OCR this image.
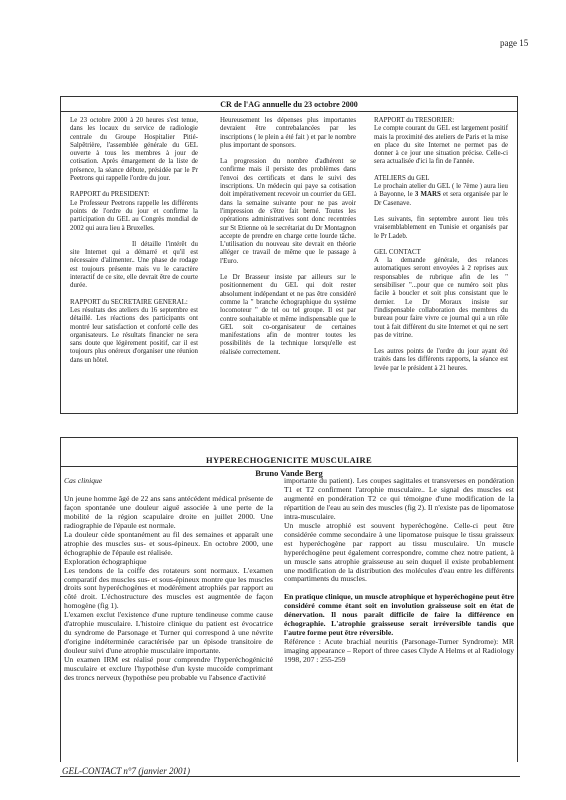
page 15
CR de l'AG annuelle du 23 octobre 2000

Le 23 octobre 2000 à 20 heures s'est tenue, dans les locaux du service de radiologie centrale du Groupe Hospitalier Pitié-Salpêtrière, l'assemblée générale du GEL ouverte à tous les membres à jour de cotisation. Après émargement de la liste de présence, la séance débute, présidée par le Pr Peetrons qui rappelle l'ordre du jour.

RAPPORT du PRESIDENT:

Le Professeur Peetrons rappelle les différents points de l'ordre du jour et confirme la participation du GEL au Congrès mondial de 2002 qui aura lieu à Bruxelles.

Il détaille l'intérêt du site Internet qui a démarré et qu'il est nécessaire d'alimenter.. Une phase de rodage est toujours présente mais vu le caractère interactif de ce site, elle devrait être de courte durée.

RAPPORT du SECRETAIRE GENERAL:

Les résultats des ateliers du 16 septembre est détaillé. Les réactions des participants ont montré leur satisfaction et conforté celle des organisateurs. Le résultats financier ne sera sans doute que légèrement positif, car il est toujours plus onéreux d'organiser une réunion dans un hôtel.

Heureusement les dépenses plus importantes devraient être contrebalancées par les inscriptions ( le plein a été fait ) et par le nombre plus important de sponsors.

La progression du nombre d'adhérent se confirme mais il persiste des problèmes dans l'envoi des certificats et dans le suivi des inscriptions. Un médecin qui paye sa cotisation doit impérativement recevoir un courrier du GEL dans la semaine suivante pour ne pas avoir l'impression de s'être fait berné. Toutes les opérations administratives sont donc recentrées sur St Etienne où le secrétariat du Dr Montagnon accepte de prendre en charge cette lourde tâche. L'utilisation du nouveau site devrait en théorie alléger ce travail de même que le passage à l'Euro.

Le Dr Brasseur insiste par ailleurs sur le positionnement du GEL qui doit rester absolument indépendant et ne pas être considéré comme la " branche échographique du système locomoteur " de tel ou tel groupe. Il est par contre souhaitable et même indispensable que le GEL soit co-organisateur de certaines manifestations afin de montrer toutes les possibilités de la technique lorsqu'elle est réalisée correctement.

RAPPORT du TRESORIER:

Le compte courant du GEL est largement positif mais la proximité des ateliers de Paris et la mise en place du site Internet ne permet pas de donner à ce jour une situation précise. Celle-ci sera actualisée d'ici la fin de l'année.

ATELIERS du GEL

Le prochain atelier du GEL ( le 7ème ) aura lieu à Bayonne, le 3 MARS et sera organisée par le Dr Casenave.

Les suivants, fin septembre auront lieu très vraisemblablement en Tunisie et organisés par le Pr Ladeb.

GEL CONTACT

A la demande générale, des relances automatiques seront envoyées à 2 reprises aux responsables de rubrique afin de les " sensibiliser "...pour que ce numéro soit plus facile à boucler et soit plus consistant que le dernier. Le Dr Moraux insiste sur l'indispensable collaboration des membres du bureau pour faire vivre ce journal qui a un rôle tout à fait différent du site Internet et qui ne sert pas de vitrine.

Les autres points de l'ordre du jour ayant été traités dans les différents rapports, la séance est levée par le président à 21 heures.

HYPERECHOGENICITE MUSCULAIRE
Bruno Vande Berg

Cas clinique

Un jeune homme âgé de 22 ans sans antécédent médical présente de façon spontanée une douleur aiguë associée à une perte de la mobilité de la région scapulaire droite en juillet 2000. Une radiographie de l'épaule est normale.

La douleur cède spontanément au fil des semaines et apparaît une atrophie des muscles sus- et sous-épineux. En octobre 2000, une échographie de l'épaule est réalisée.

Exploration échographique

Les tendons de la coiffe des rotateurs sont normaux. L'examen comparatif des muscles sus- et sous-épineux montre que les muscles droits sont hyperéchogènes et modérément atrophiés par rapport au côté droit. L'échostructure des muscles est augmentée de façon homogène (fig 1).

L'examen exclut l'existence d'une rupture tendineuse comme cause d'atrophie musculaire. L'histoire clinique du patient est évocatrice du syndrome de Parsonage et Turner qui correspond à une névrite d'origine indéterminée caractérisée par un épisode transitoire de douleur suivi d'une atrophie musculaire importante.

Un examen IRM est réalisé pour comprendre l'hyperéchogénicité musculaire et exclure l'hypothèse d'un kyste mucoïde comprimant des troncs nerveux (hypothèse peu probable vu l'absence d'activité

importante du patient). Les coupes sagittales et transverses en pondération T1 et T2 confirment l'atrophie musculaire.. Le signal des muscles est augmenté en pondération T2 ce qui témoigne d'une modification de la répartition de l'eau au sein des muscles (fig 2). Il n'existe pas de lipomatose intra-musculaire.

Un muscle atrophié est souvent hyperéchogène. Celle-ci peut être considérée comme secondaire à une lipomatose puisque le tissu graisseux est hyperéchogène par rapport au tissu musculaire. Un muscle hyperéchogène peut également correspondre, comme chez notre patient, à un muscle sans atrophie graisseuse au sein duquel il existe probablement une modification de la distribution des molécules d'eau entre les différents compartiments du muscles.

En pratique clinique, un muscle atrophique et hyperéchogène peut être considéré comme étant soit en involution graisseuse soit en état de dénervation. Il nous paraît difficile de faire la différence en échographie. L'atrophie graisseuse serait irréversible tandis que l'autre forme peut être réversible.

Référence : Acute brachial neuritis (Parsonage-Turner Syndrome): MR imaging appearance – Report of three cases Clyde A Helms et al Radiology 1998, 207 : 255-259

GEL-CONTACT n°7 (janvier 2001)
